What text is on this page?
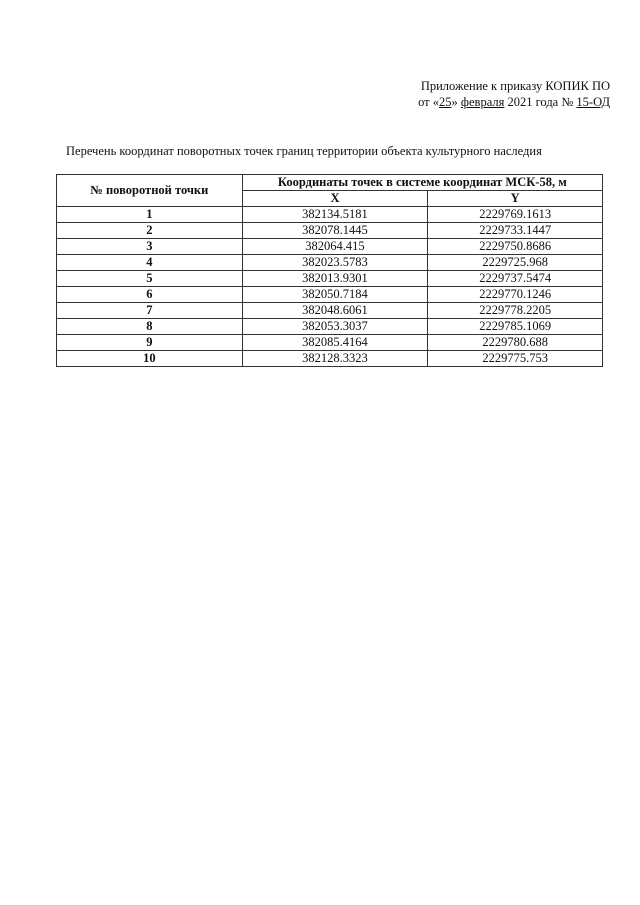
Приложение к приказу КОПИК ПО
от «25» февраля 2021 года № 15-ОД
Перечень координат поворотных точек границ территории объекта культурного наследия
№ поворотной точки	Координаты точек в системе координат МСК-58, м	
	X	Y
1	382134.5181	2229769.1613
2	382078.1445	2229733.1447
3	382064.415	2229750.8686
4	382023.5783	2229725.968
5	382013.9301	2229737.5474
6	382050.7184	2229770.1246
7	382048.6061	2229778.2205
8	382053.3037	2229785.1069
9	382085.4164	2229780.688
10	382128.3323	2229775.753
